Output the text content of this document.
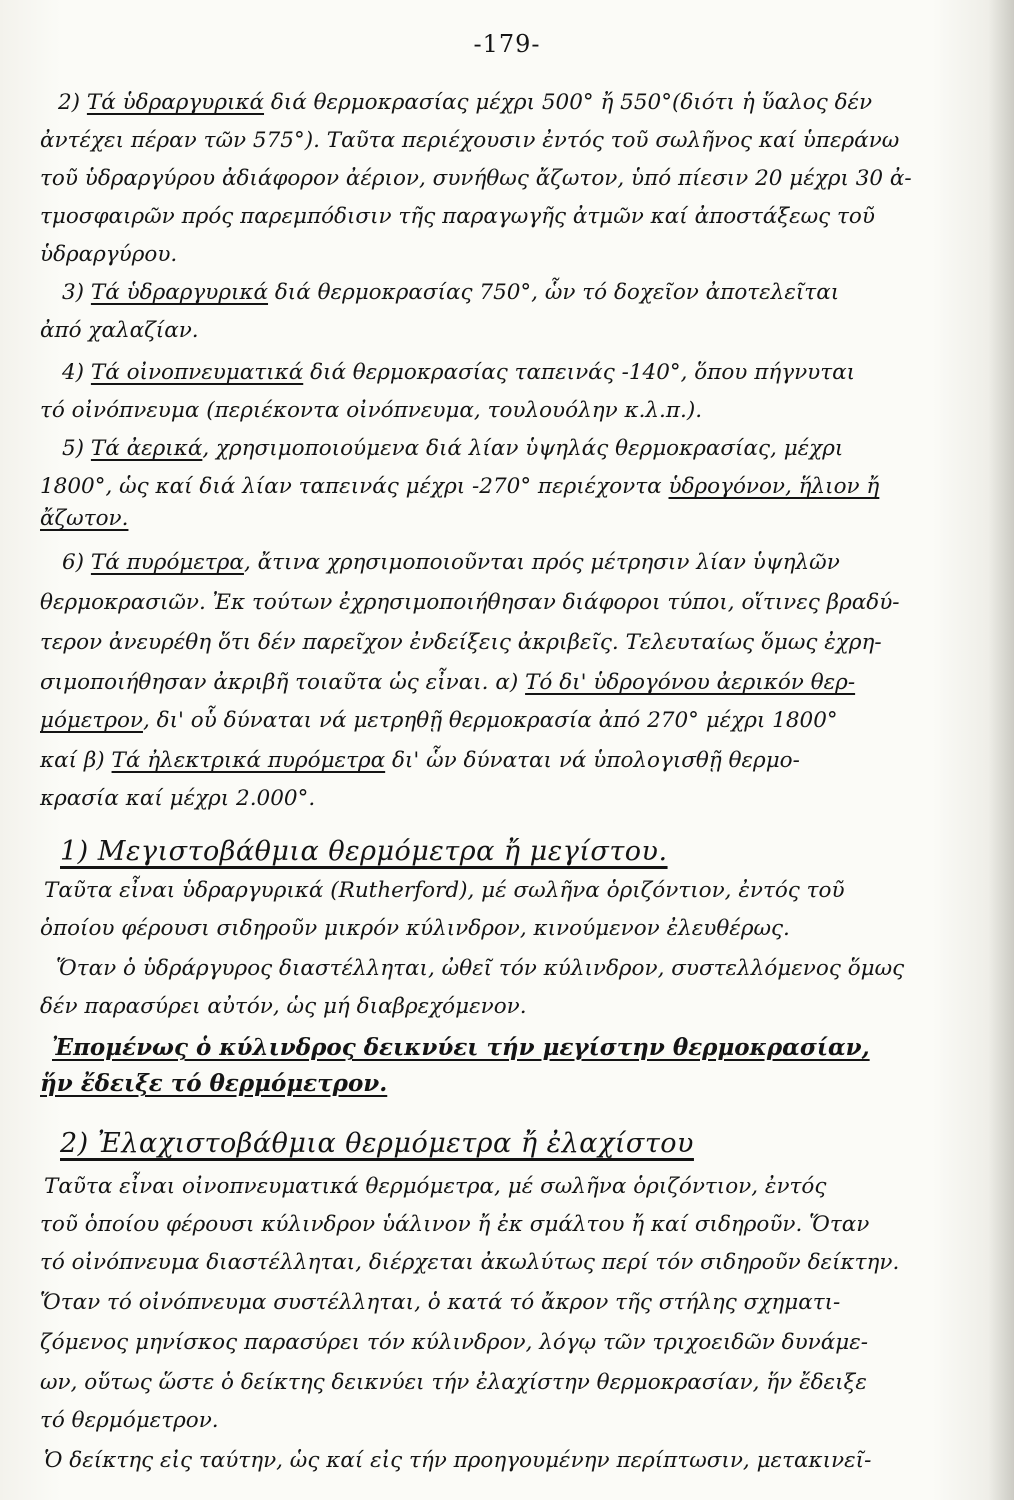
-179-
2) Τά ὑδραργυρικά διά θερμοκρασίας μέχρι 500° ἤ 550°(διότι ἡ ὕαλος δέν
ἀντέχει πέραν τῶν 575°). Ταῦτα περιέχουσιν ἐντός τοῦ σωλῆνος καί ὑπεράνω
τοῦ ὑδραργύρου ἀδιάφορον ἀέριον, συνήθως ἄζωτον, ὑπό πίεσιν 20 μέχρι 30 ἀ-
τμοσφαιρῶν πρός παρεμπόδισιν τῆς παραγωγῆς ἀτμῶν καί ἀποστάξεως τοῦ
ὑδραργύρου.
3) Τά ὑδραργυρικά διά θερμοκρασίας 750°, ὧν τό δοχεῖον ἀποτελεῖται
ἀπό χαλαζίαν.
4) Τά οἰνοπνευματικά διά θερμοκρασίας ταπεινάς -140°, ὅπου πήγνυται
τό οἰνόπνευμα (περιέκοντα οἰνόπνευμα, τουλουόλην κ.λ.π.).
5) Τά ἀερικά, χρησιμοποιούμενα διά λίαν ὑψηλάς θερμοκρασίας, μέχρι
1800°, ὡς καί διά λίαν ταπεινάς μέχρι -270° περιέχοντα ὑδρογόνον, ἥλιον ἤ
ἄζωτον.
6) Τά πυρόμετρα, ἄτινα χρησιμοποιοῦνται πρός μέτρησιν λίαν ὑψηλῶν
θερμοκρασιῶν. Ἐκ τούτων ἐχρησιμοποιήθησαν διάφοροι τύποι, οἵτινες βραδύ-
τερον ἀνευρέθη ὅτι δέν παρεῖχον ἐνδείξεις ἀκριβεῖς. Τελευταίως ὅμως ἐχρη-
σιμοποιήθησαν ἀκριβῆ τοιαῦτα ὡς εἶναι. α) Τό δι' ὑδρογόνου ἀερικόν θερ-
μόμετρον, δι' οὗ δύναται νά μετρηθῇ θερμοκρασία ἀπό 270° μέχρι 1800°
καί β) Τά ἠλεκτρικά πυρόμετρα δι' ὧν δύναται νά ὑπολογισθῇ θερμο-
κρασία καί μέχρι 2.000°.
1) Μεγιστοβάθμια θερμόμετρα ἤ μεγίστου.
Ταῦτα εἶναι ὑδραργυρικά (Rutherford), μέ σωλῆνα ὁριζόντιον, ἐντός τοῦ
ὁποίου φέρουσι σιδηροῦν μικρόν κύλινδρον, κινούμενον ἐλευθέρως.
Ὅταν ὁ ὑδράργυρος διαστέλληται, ὠθεῖ τόν κύλινδρον, συστελλόμενος ὅμως
δέν παρασύρει αὐτόν, ὡς μή διαβρεχόμενον.
Ἐπομένως ὁ κύλινδρος δεικνύει τήν μεγίστην θερμοκρασίαν,
ἥν ἔδειξε τό θερμόμετρον.
2) Ἐλαχιστοβάθμια θερμόμετρα ἤ ἐλαχίστου
Ταῦτα εἶναι οἰνοπνευματικά θερμόμετρα, μέ σωλῆνα ὁριζόντιον, ἐντός
τοῦ ὁποίου φέρουσι κύλινδρον ὑάλινον ἤ ἐκ σμάλτου ἤ καί σιδηροῦν. Ὅταν
τό οἰνόπνευμα διαστέλληται, διέρχεται ἀκωλύτως περί τόν σιδηροῦν δείκτην.
Ὅταν τό οἰνόπνευμα συστέλληται, ὁ κατά τό ἄκρον τῆς στήλης σχηματι-
ζόμενος μηνίσκος παρασύρει τόν κύλινδρον, λόγῳ τῶν τριχοειδῶν δυνάμε-
ων, οὕτως ὥστε ὁ δείκτης δεικνύει τήν ἐλαχίστην θερμοκρασίαν, ἥν ἔδειξε
τό θερμόμετρον.
Ὁ δείκτης εἰς ταύτην, ὡς καί εἰς τήν προηγουμένην περίπτωσιν, μετακινεῖ-
